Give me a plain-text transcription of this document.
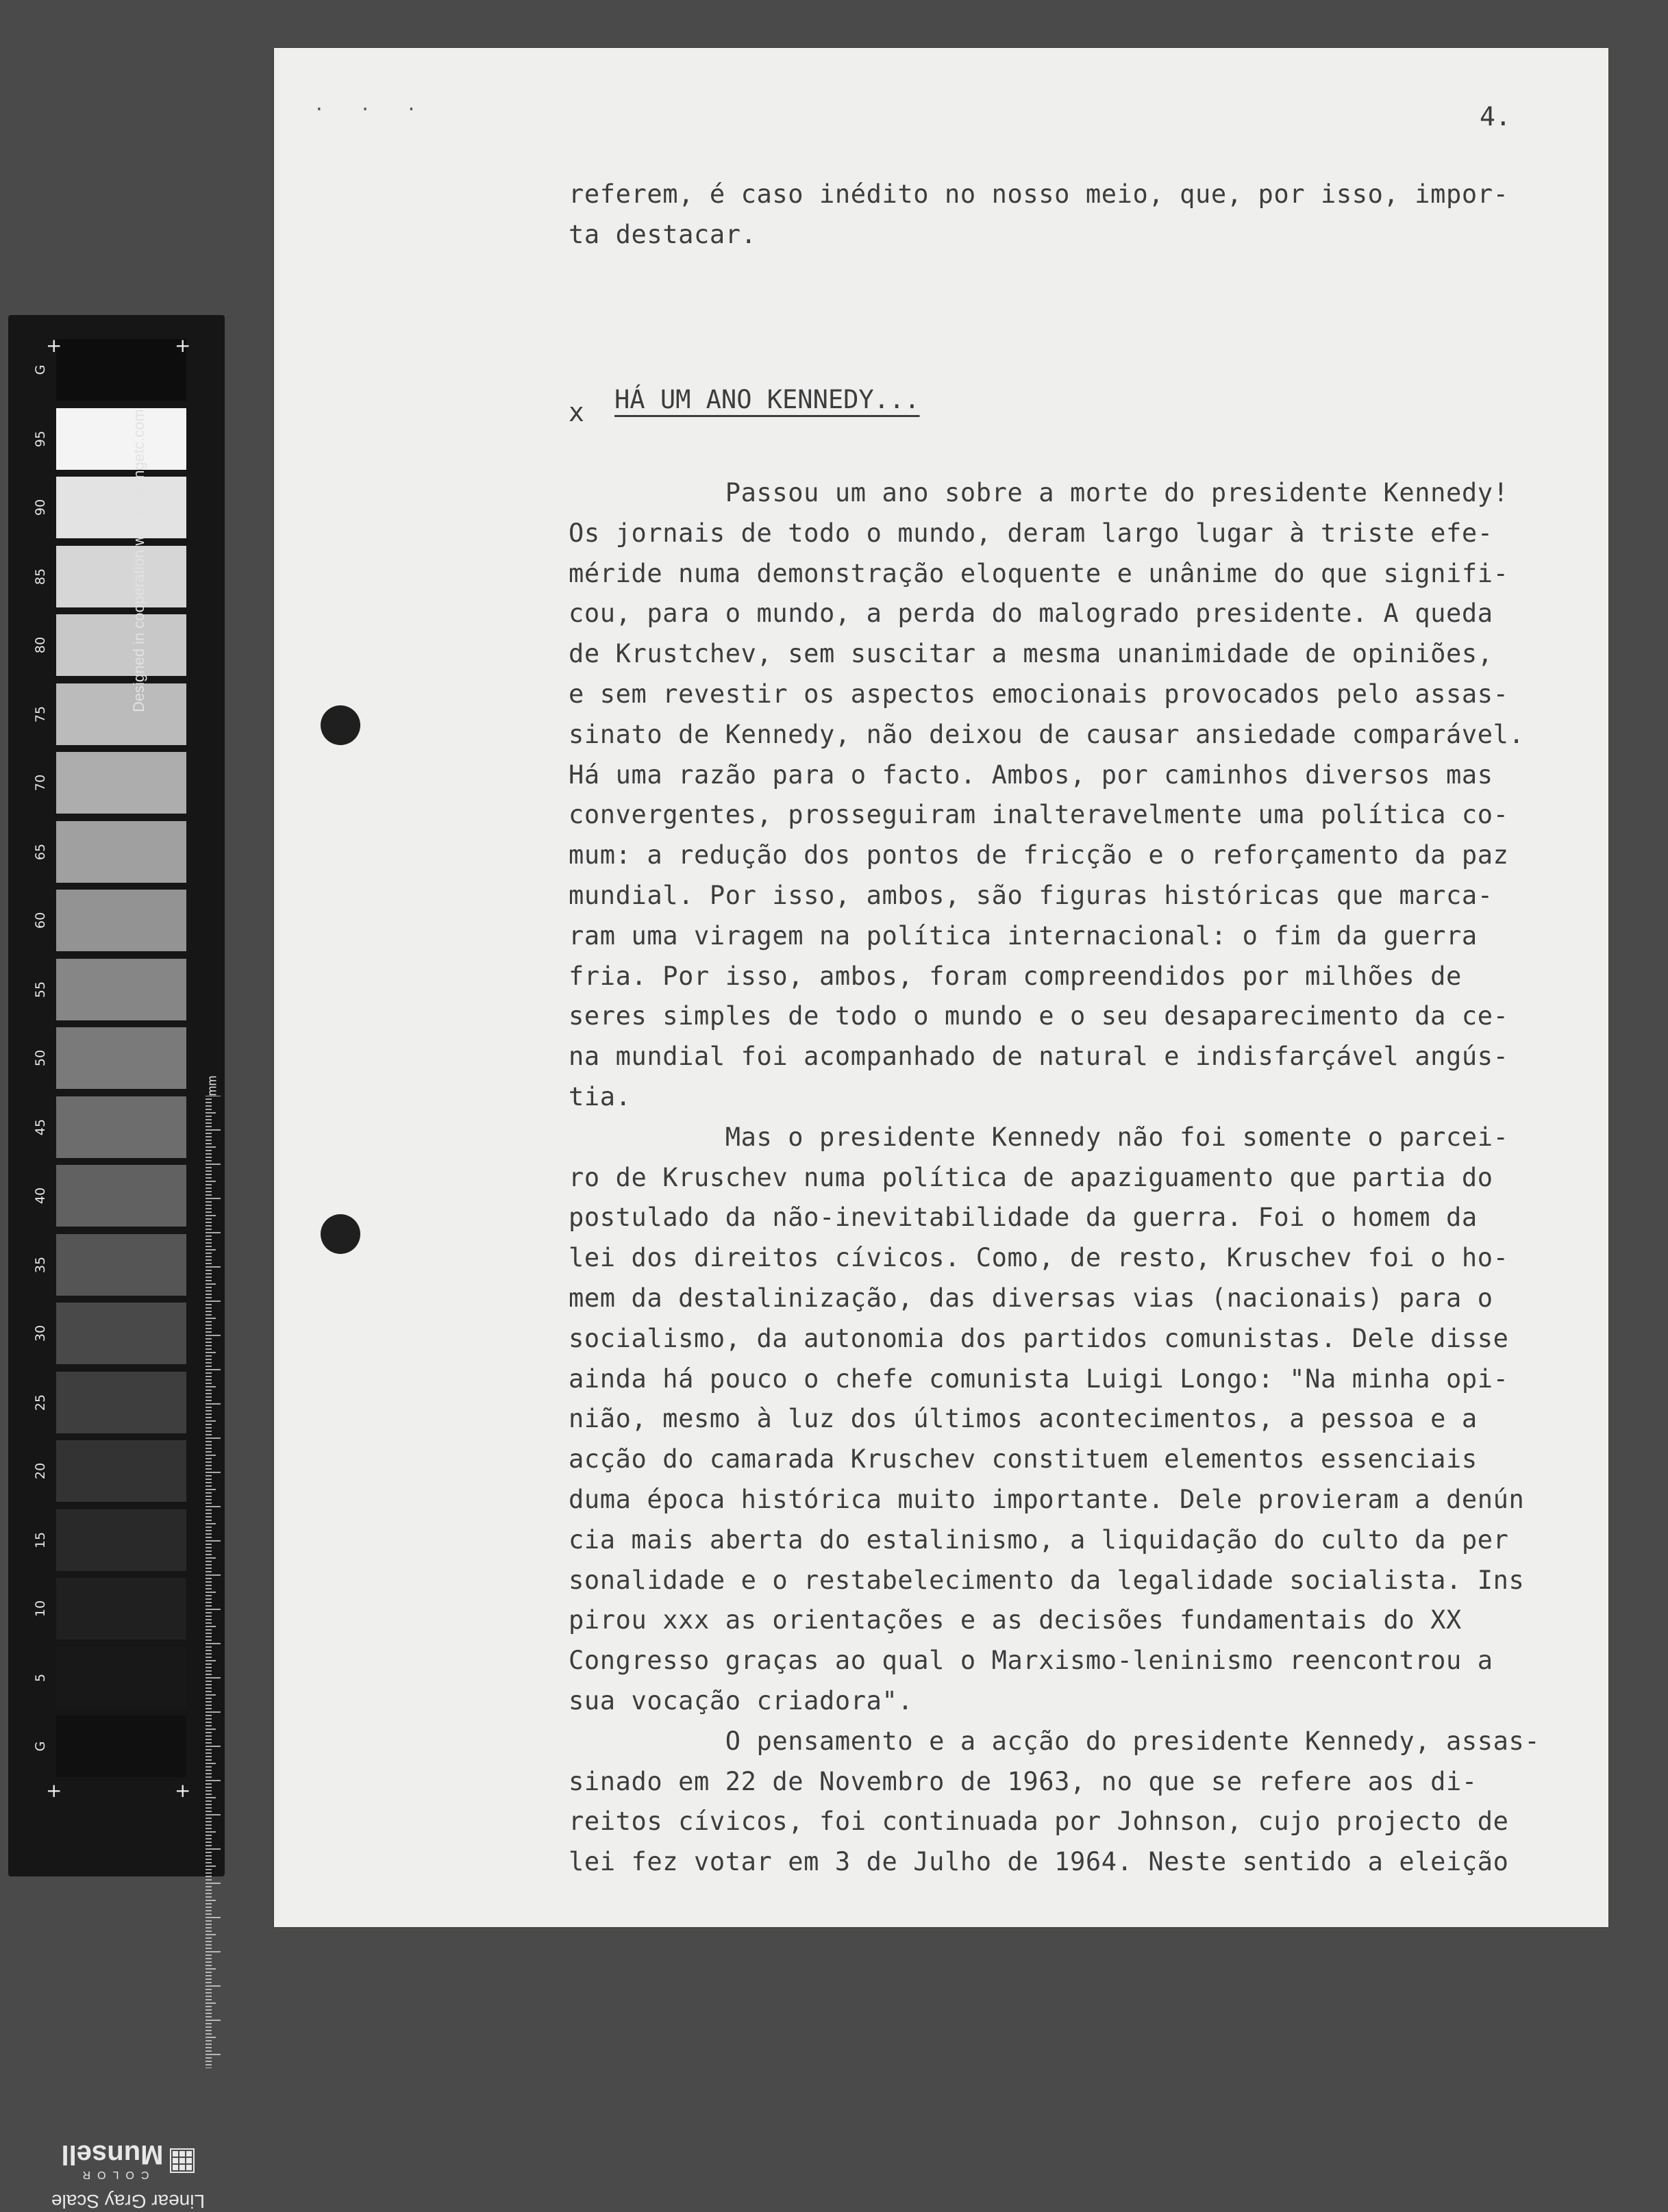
G
95
90
85
80
75
70
65
60
55
50
45
40
35
30
25
20
15
10
5
G
Designed in cooperation with imagingetc.com
mm
Linear Gray Scale
COLOR
Munsell
+	+
+	+
. . .	4.
referem, é caso inédito no nosso meio, que, por isso, impor-
ta destacar.
x HÁ UM ANO KENNEDY...
Passou um ano sobre a morte do presidente Kennedy!
Os jornais de todo o mundo, deram largo lugar à triste efe-
méride numa demonstração eloquente e unânime do que signifi-
cou, para o mundo, a perda do malogrado presidente. A queda
de Krustchev, sem suscitar a mesma unanimidade de opiniões,
e sem revestir os aspectos emocionais provocados pelo assas-
sinato de Kennedy, não deixou de causar ansiedade comparável.
Há uma razão para o facto. Ambos, por caminhos diversos mas
convergentes, prosseguiram inalteravelmente uma política co-
mum: a redução dos pontos de fricção e o reforçamento da paz
mundial. Por isso, ambos, são figuras históricas que marca-
ram uma viragem na política internacional: o fim da guerra
fria. Por isso, ambos, foram compreendidos por milhões de
seres simples de todo o mundo e o seu desaparecimento da ce-
na mundial foi acompanhado de natural e indisfarçável angús-
tia.
Mas o presidente Kennedy não foi somente o parcei-
ro de Kruschev numa política de apaziguamento que partia do
postulado da não-inevitabilidade da guerra. Foi o homem da
lei dos direitos cívicos. Como, de resto, Kruschev foi o ho-
mem da destalinização, das diversas vias (nacionais) para o
socialismo, da autonomia dos partidos comunistas. Dele disse
ainda há pouco o chefe comunista Luigi Longo: "Na minha opi-
nião, mesmo à luz dos últimos acontecimentos, a pessoa e a
acção do camarada Kruschev constituem elementos essenciais
duma época histórica muito importante. Dele provieram a denún
cia mais aberta do estalinismo, a liquidação do culto da per
sonalidade e o restabelecimento da legalidade socialista. Ins
pirou xxx as orientações e as decisões fundamentais do XX
Congresso graças ao qual o Marxismo-leninismo reencontrou a
sua vocação criadora".
O pensamento e a acção do presidente Kennedy, assas-
sinado em 22 de Novembro de 1963, no que se refere aos di-
reitos cívicos, foi continuada por Johnson, cujo projecto de
lei fez votar em 3 de Julho de 1964. Neste sentido a eleição
